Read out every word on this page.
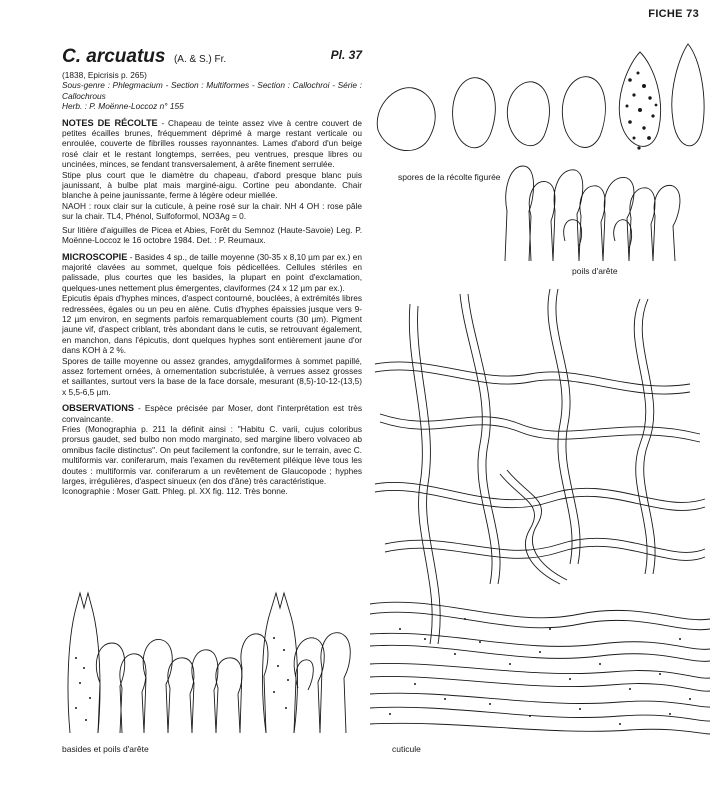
FICHE 73
C. arcuatus (A. & S.) Fr.	Pl. 37

(1838, Epicrisis p. 265)

Sous-genre : Phlegmacium - Section : Multiformes - Section : Callochroi - Série : Callochrous

Herb. : P. Moënne-Loccoz n° 155

NOTES DE RÉCOLTE - Chapeau de teinte assez vive à centre couvert de petites écailles brunes, fréquemment déprimé à marge restant verticale ou enroulée, couverte de fibrilles rousses rayonnantes. Lames d'abord d'un beige rosé clair et le restant longtemps, serrées, peu ventrues, presque libres ou uncinées, minces, se fendant transversalement, à arête finement serrulée.

Stipe plus court que le diamètre du chapeau, d'abord presque blanc puis jaunissant, à bulbe plat mais marginé-aigu. Cortine peu abondante. Chair blanche à peine jaunissante, ferme à légère odeur miellée.

NAOH : roux clair sur la cuticule, à peine rosé sur la chair. NH 4 OH : rose pâle sur la chair. TL4, Phénol, Sulfoformol, NO3Ag = 0.

Sur litière d'aiguilles de Picea et Abies, Forêt du Semnoz (Haute-Savoie) Leg. P. Moënne-Loccoz le 16 octobre 1984. Det. : P. Reumaux.

MICROSCOPIE - Basides 4 sp., de taille moyenne (30-35 x 8,10 µm par ex.) en majorité clavées au sommet, quelque fois pédicellées. Cellules stériles en palissade, plus courtes que les basides, la plupart en point d'exclamation, quelques-unes nettement plus émergentes, claviformes (24 x 12 µm par ex.).

Epicutis épais d'hyphes minces, d'aspect contourné, bouclées, à extrémités libres redressées, égales ou un peu en alène. Cutis d'hyphes épaissies jusque vers 9-12 µm environ, en segments parfois remarquablement courts (30 µm). Pigment jaune vif, d'aspect criblant, très abondant dans le cutis, se retrouvant également, en manchon, dans l'épicutis, dont quelques hyphes sont entièrement jaune d'or dans KOH à 2 %.

Spores de taille moyenne ou assez grandes, amygdaliformes à sommet papillé, assez fortement ornées, à ornementation subcristulée, à verrues assez grosses et saillantes, surtout vers la base de la face dorsale, mesurant (8,5)-10-12-(13,5) x 5,5-6,5 µm.

OBSERVATIONS - Espèce précisée par Moser, dont l'interprétation est très convaincante.

Fries (Monographia p. 211 la définit ainsi : "Habitu C. varii, cujus coloribus prorsus gaudet, sed bulbo non modo marginato, sed margine libero volvaceo ab omnibus facile distinctus". On peut facilement la confondre, sur le terrain, avec C. multiformis var. coniferarum, mais l'examen du revêtement piléique lève tous les doutes : multiformis var. coniferarum a un revêtement de Glaucopode ; hyphes larges, irrégulières, d'aspect sinueux (en dos d'âne) très caractéristique.

Iconographie : Moser Gatt. Phleg. pl. XX fig. 112. Très bonne.

spores de la récolte figurée
poils d'arête
cuticule
basides et poils d'arête
